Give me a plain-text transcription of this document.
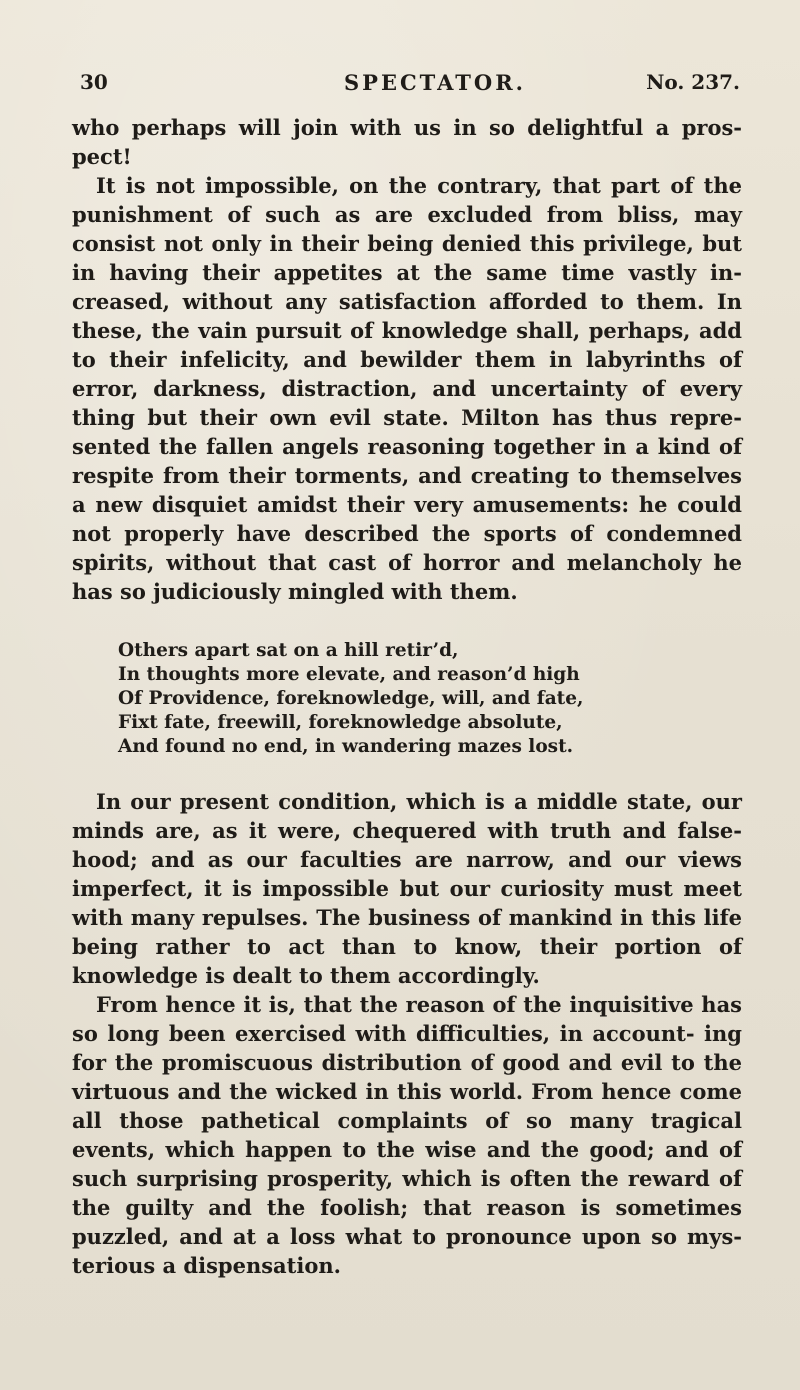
30	SPECTATOR.	No. 237.

who perhaps will join with us in so delightful a pros- pect!

It is not impossible, on the contrary, that part of the punishment of such as are excluded from bliss, may consist not only in their being denied this privilege, but in having their appetites at the same time vastly in- creased, without any satisfaction afforded to them. In these, the vain pursuit of knowledge shall, perhaps, add to their infelicity, and bewilder them in labyrinths of error, darkness, distraction, and uncertainty of every thing but their own evil state. Milton has thus repre- sented the fallen angels reasoning together in a kind of respite from their torments, and creating to themselves a new disquiet amidst their very amusements: he could not properly have described the sports of condemned spirits, without that cast of horror and melancholy he has so judiciously mingled with them.

Others apart sat on a hill retir’d,
In thoughts more elevate, and reason’d high
Of Providence, foreknowledge, will, and fate,
Fixt fate, freewill, foreknowledge absolute,
And found no end, in wandering mazes lost.

In our present condition, which is a middle state, our minds are, as it were, chequered with truth and false- hood; and as our faculties are narrow, and our views imperfect, it is impossible but our curiosity must meet with many repulses. The business of mankind in this life being rather to act than to know, their portion of knowledge is dealt to them accordingly.

From hence it is, that the reason of the inquisitive has so long been exercised with difficulties, in account- ing for the promiscuous distribution of good and evil to the virtuous and the wicked in this world. From hence come all those pathetical complaints of so many tragical events, which happen to the wise and the good; and of such surprising prosperity, which is often the reward of the guilty and the foolish; that reason is sometimes puzzled, and at a loss what to pronounce upon so mys- terious a dispensation.
